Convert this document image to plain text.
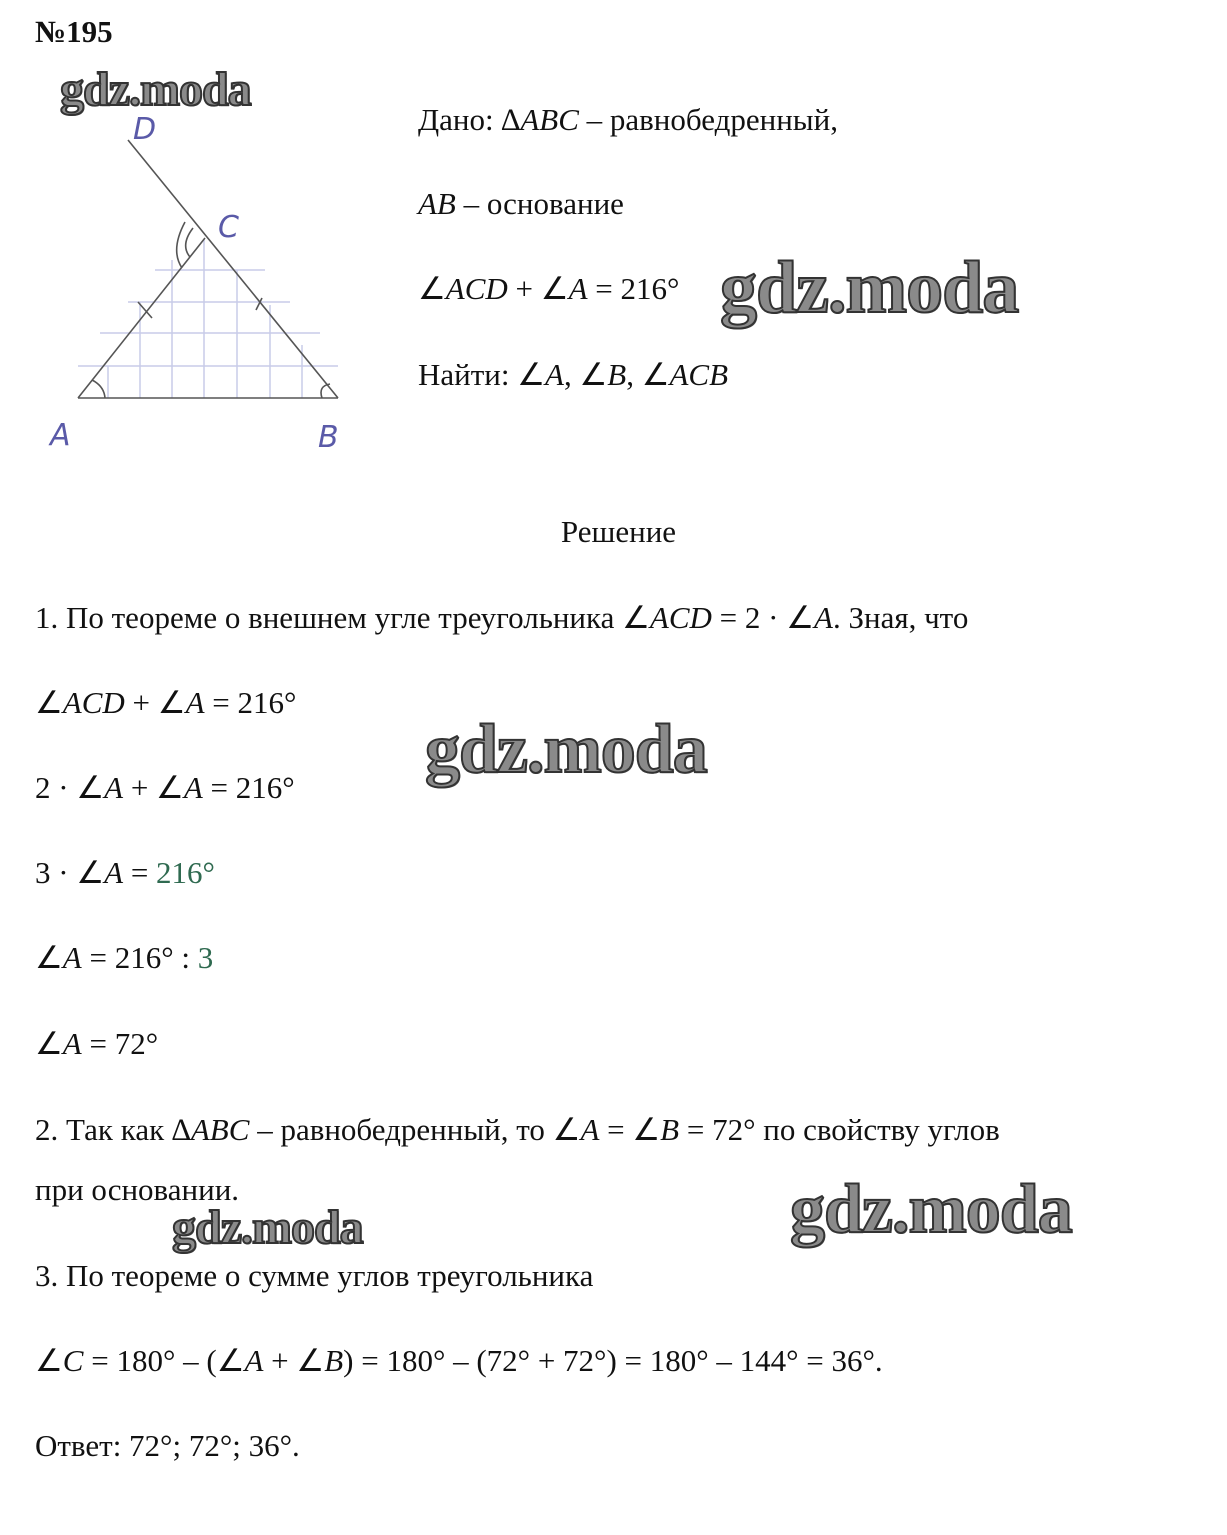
№195
D
C
A	B
Дано: ∆ABC – равнобедренный,
AB – основание
∠ACD + ∠A = 216°
Найти: ∠A, ∠B, ∠ACB
Решение
1. По теореме о внешнем угле треугольника ∠ACD = 2 · ∠A. Зная, что
∠ACD + ∠A = 216°
2 · ∠A + ∠A = 216°
3 · ∠A = 216°
∠A = 216° : 3
∠A = 72°
2. Так как ∆ABC – равнобедренный, то ∠A = ∠B = 72° по свойству углов
при основании.
3. По теореме о сумме углов треугольника
∠C = 180° – (∠A + ∠B) = 180° – (72° + 72°) = 180° – 144° = 36°.
Ответ: 72°; 72°; 36°.
gdz.moda
gdz.moda
gdz.moda
gdz.moda
gdz.moda
